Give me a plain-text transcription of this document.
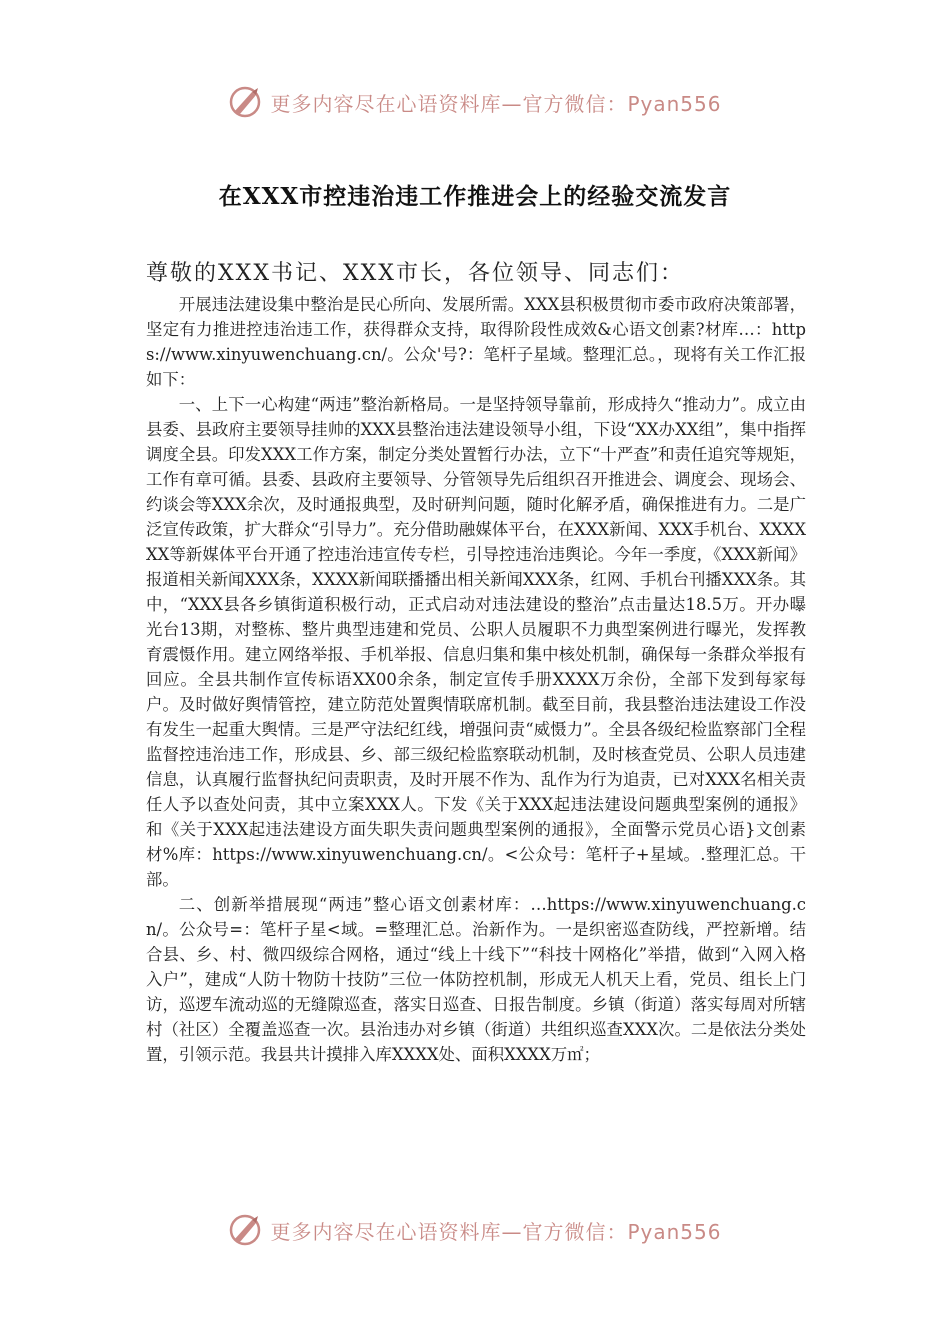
更多内容尽在心语资料库—官方微信：Pyan556
在XXX市控违治违工作推进会上的经验交流发言
尊敬的XXX书记、XXX市长，各位领导、同志们：

开展违法建设集中整治是民心所向、发展所需。XXX县积极贯彻市委市政府决策部署，坚定有力推进控违治违工作，获得群众支持，取得阶段性成效&心语文创素?材库…：https://www.xinyuwenchuang.cn/。公众'号?：笔杆子星域。整理汇总。，现将有关工作汇报如下：

一、上下一心构建“两违”整治新格局。一是坚持领导靠前，形成持久“推动力”。成立由县委、县政府主要领导挂帅的XXX县整治违法建设领导小组，下设“XX办XX组”，集中指挥调度全县。印发XXX工作方案，制定分类处置暂行办法，立下“十严查”和责任追究等规矩，工作有章可循。县委、县政府主要领导、分管领导先后组织召开推进会、调度会、现场会、约谈会等XXX余次，及时通报典型，及时研判问题，随时化解矛盾，确保推进有力。二是广泛宣传政策，扩大群众“引导力”。充分借助融媒体平台，在XXX新闻、XXX手机台、XXXXXX等新媒体平台开通了控违治违宣传专栏，引导控违治违舆论。今年一季度，《XXX新闻》报道相关新闻XXX条，XXXX新闻联播播出相关新闻XXX条，红网、手机台刊播XXX条。其中，“XXX县各乡镇街道积极行动，正式启动对违法建设的整治”点击量达18.5万。开办曝光台13期，对整栋、整片典型违建和党员、公职人员履职不力典型案例进行曝光，发挥教育震慑作用。建立网络举报、手机举报、信息归集和集中核处机制，确保每一条群众举报有回应。全县共制作宣传标语XX00余条，制定宣传手册XXXX万余份，全部下发到每家每户。及时做好舆情管控，建立防范处置舆情联席机制。截至目前，我县整治违法建设工作没有发生一起重大舆情。三是严守法纪红线，增强问责“威慑力”。全县各级纪检监察部门全程监督控违治违工作，形成县、乡、部三级纪检监察联动机制，及时核查党员、公职人员违建信息，认真履行监督执纪问责职责，及时开展不作为、乱作为行为追责，已对XXX名相关责任人予以查处问责，其中立案XXX人。下发《关于XXX起违法建设问题典型案例的通报》和《关于XXX起违法建设方面失职失责问题典型案例的通报》，全面警示党员心语}文创素材%库：https://www.xinyuwenchuang.cn/。<公众号：笔杆子+星域。.整理汇总。干部。

二、创新举措展现“两违”整心语文创素材库：…https://www.xinyuwenchuang.cn/。公众号=：笔杆子星<域。=整理汇总。治新作为。一是织密巡查防线，严控新增。结合县、乡、村、微四级综合网格，通过“线上十线下”“科技十网格化”举措，做到“入网入格入户”，建成“人防十物防十技防”三位一体防控机制，形成无人机天上看，党员、组长上门访，巡逻车流动巡的无缝隙巡查，落实日巡查、日报告制度。乡镇（街道）落实每周对所辖村（社区）全覆盖巡查一次。县治违办对乡镇（街道）共组织巡查XXX次。二是依法分类处置，引领示范。我县共计摸排入库XXXX处、面积XXXX万㎡；

更多内容尽在心语资料库—官方微信：Pyan556
